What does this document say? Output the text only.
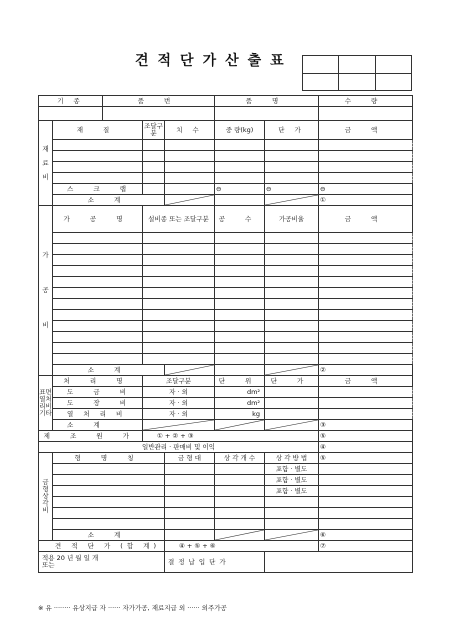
견적단가산출표

기 종		품 번			품 명		수 량

재

료

비	재 질		조달구분	치 수	중 량(kg)	단 가	금 액

	스 크 랩				⊖	⊖	⊖
	소 계						①
가

공

비	가 공 명		설비종 또는 조달구분		공 수	가공비율	금 액

	소 계						②
표면
열처리비
기타	처 리 명		조달구분		단 위	단 가	금 액
	도 금 비		자 · 외		dm²		
	도 장 비		자 · 외		dm²		
	열 처 리 비		자 · 외		kg		
	소 계						③
제 조 원 가			① + ② + ③				⑤
일반관리 · 판매비 및 이익							④
금
형
상
각
비	형 명 칭			금 형 대	상 각 개 수	상 각 방 법	⑤
						포함 · 별도	
						포함 · 별도	
						포함 · 별도	

	소 계						⑥
견 적 단 가 (합 계)				④ + ⑤ + ⑥			⑦
적용 20 년 월 일 개
또는				결정납입단가			
※ 유 ········ 유상지급 자 ······ 자가가공, 재료지급 외 ······ 외주가공
